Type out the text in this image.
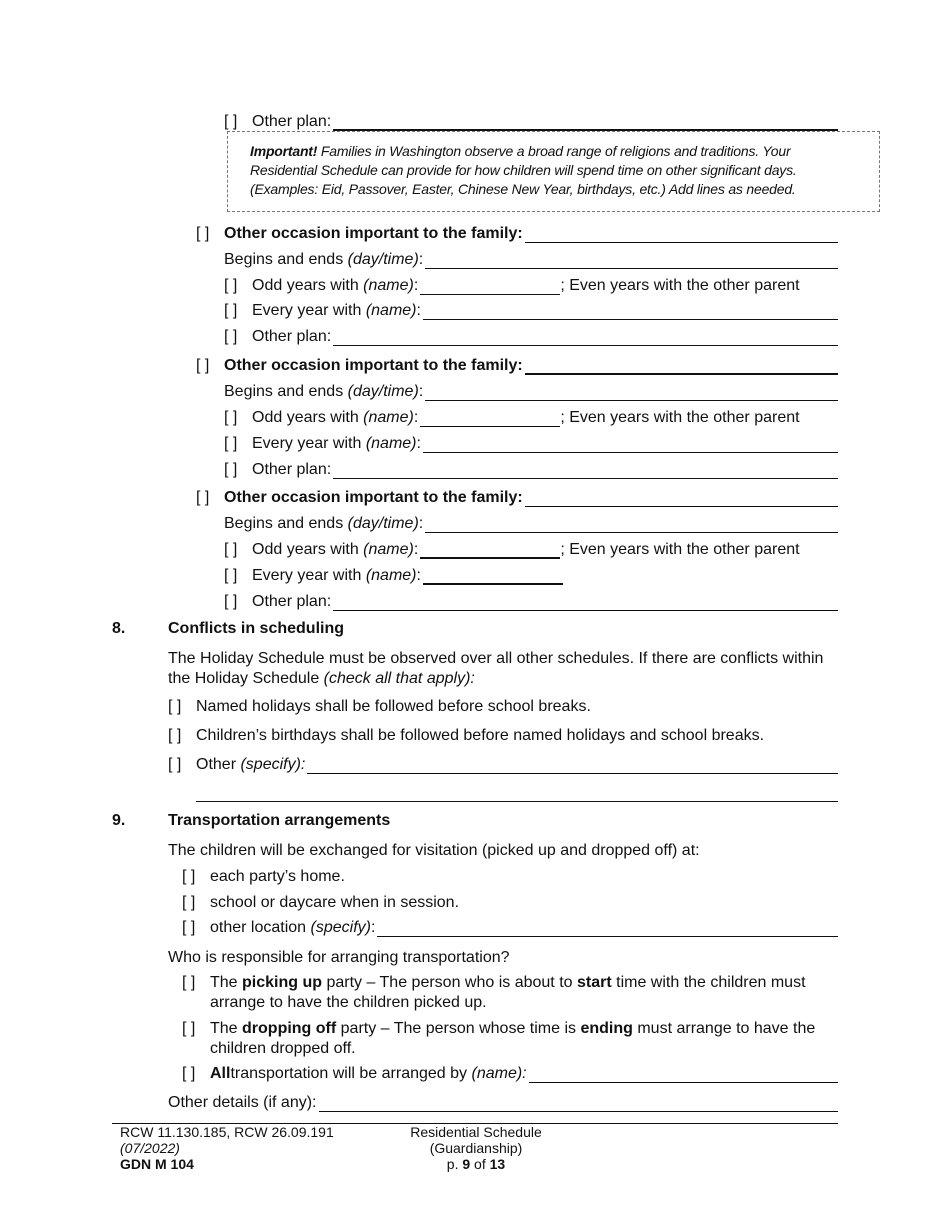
[ ] Other plan:
Important! Families in Washington observe a broad range of religions and traditions. Your Residential Schedule can provide for how children will spend time on other significant days. (Examples: Eid, Passover, Easter, Chinese New Year, birthdays, etc.) Add lines as needed.
[ ] Other occasion important to the family:
Begins and ends
(day/time) :
[ ] Odd years with
(name) :	; Even years with the other parent
[ ] Every year with
(name) :
[ ] Other plan:
[ ] Other occasion important to the family:
Begins and ends
(day/time) :
[ ] Odd years with
(name) :	; Even years with the other parent
[ ] Every year with
(name) :
[ ] Other plan:
[ ] Other occasion important to the family:
Begins and ends
(day/time) :
[ ] Odd years with
(name) :	; Even years with the other parent
[ ] Every year with
(name) :
[ ] Other plan:
8.	Conflicts in scheduling
The Holiday Schedule must be observed over all other schedules. If there are conflicts within the Holiday Schedule (check all that apply):
[ ] Named holidays shall be followed before school breaks.
[ ] Children’s birthdays shall be followed before named holidays and school breaks.
[ ] Other
(specify):
9.	Transportation arrangements
The children will be exchanged for visitation (picked up and dropped off) at:
[ ] each party’s home.
[ ] school or daycare when in session.
[ ] other location
(specify) :
Who is responsible for arranging transportation?
[ ] The picking up party – The person who is about to start time with the children must arrange to have the children picked up.
[ ] The dropping off party – The person whose time is ending must arrange to have the children dropped off.
[ ] All transportation will be arranged by
(name):
Other details (if any):
RCW 11.130.185, RCW 26.09.191
(07/2022)
GDN M 104
Residential Schedule
(Guardianship)
p. 9 of 13
